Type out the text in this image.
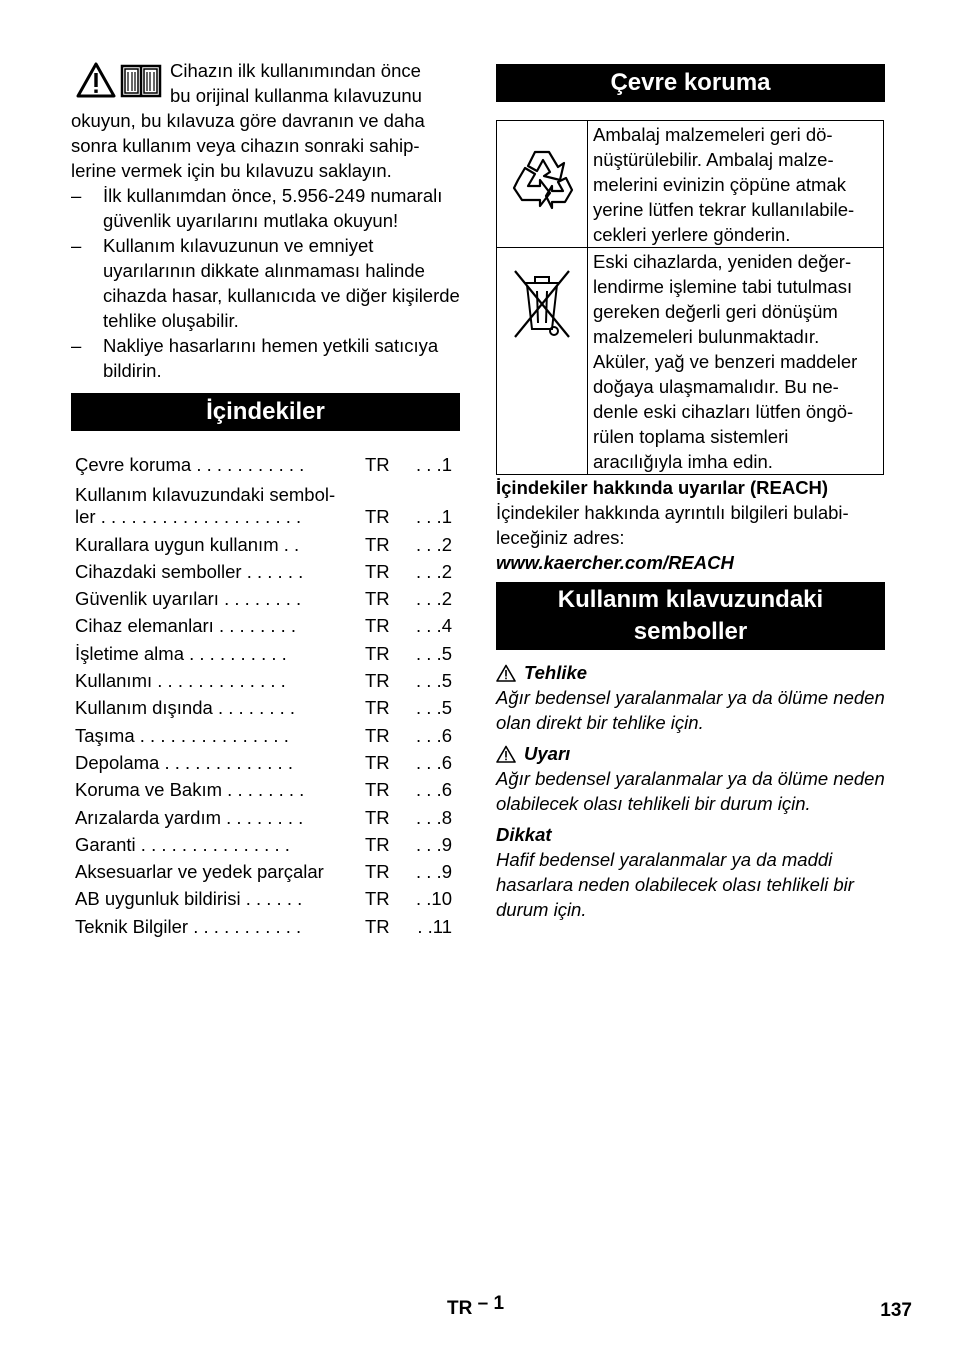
Cihazın ilk kullanımından önce

bu orijinal kullanma kılavuzunu

okuyun, bu kılavuza göre davranın ve daha sonra kullanım veya cihazın sonraki sahip-lerine vermek için bu kılavuzu saklayın.

– İlk kullanımdan önce, 5.956-249 numaralı güvenlik uyarılarını mutlaka okuyun!
– Kullanım kılavuzunun ve emniyet uyarılarının dikkate alınmaması halinde cihazda hasar, kullanıcıda ve diğer kişilerde tehlike oluşabilir.
– Nakliye hasarlarını hemen yetkili satıcıya bildirin.
İçindekiler
Çevre koruma . . . . . . . . . . .	TR	. . .1

Kullanım kılavuzundaki sembol-
ler . . . . . . . . . . . . . . . . . . . .	TR	. . .1
Kurallara uygun kullanım . .	TR	. . .2
Cihazdaki semboller . . . . . .	TR	. . .2
Güvenlik uyarıları . . . . . . . .	TR	. . .2
Cihaz elemanları . . . . . . . .	TR	. . .4
İşletime alma . . . . . . . . . .	TR	. . .5
Kullanımı . . . . . . . . . . . . .	TR	. . .5
Kullanım dışında . . . . . . . .	TR	. . .5
Taşıma . . . . . . . . . . . . . . .	TR	. . .6
Depolama . . . . . . . . . . . . .	TR	. . .6
Koruma ve Bakım . . . . . . . .	TR	. . .6
Arızalarda yardım . . . . . . . .	TR	. . .8
Garanti . . . . . . . . . . . . . . .	TR	. . .9
Aksesuarlar ve yedek parçalar	TR	. . .9
AB uygunluk bildirisi . . . . . .	TR	. .10
Teknik Bilgiler . . . . . . . . . . .	TR	. .11
Çevre koruma
	Ambalaj malzemeleri geri dö-nüştürülebilir. Ambalaj malze-melerini evinizin çöpüne atmak yerine lütfen tekrar kullanılabile-cekleri yerlere gönderin.
	Eski cihazlarda, yeniden değer-lendirme işlemine tabi tutulması gereken değerli geri dönüşüm malzemeleri bulunmaktadır. Aküler, yağ ve benzeri maddeler doğaya ulaşmamalıdır. Bu ne-denle eski cihazları lütfen öngö-rülen toplama sistemleri aracılığıyla imha edin.
İçindekiler hakkında uyarılar (REACH)
İçindekiler hakkında ayrıntılı bilgileri bulabi-leceğiniz adres:
www.kaercher.com/REACH
Kullanım kılavuzundaki
semboller
Tehlike

Ağır bedensel yaralanmalar ya da ölüme neden olan direkt bir tehlike için.

Uyarı

Ağır bedensel yaralanmalar ya da ölüme neden olabilecek olası tehlikeli bir durum için.

Dikkat

Hafif bedensel yaralanmalar ya da maddi hasarlara neden olabilecek olası tehlikeli bir durum için.

TR – 1	137
